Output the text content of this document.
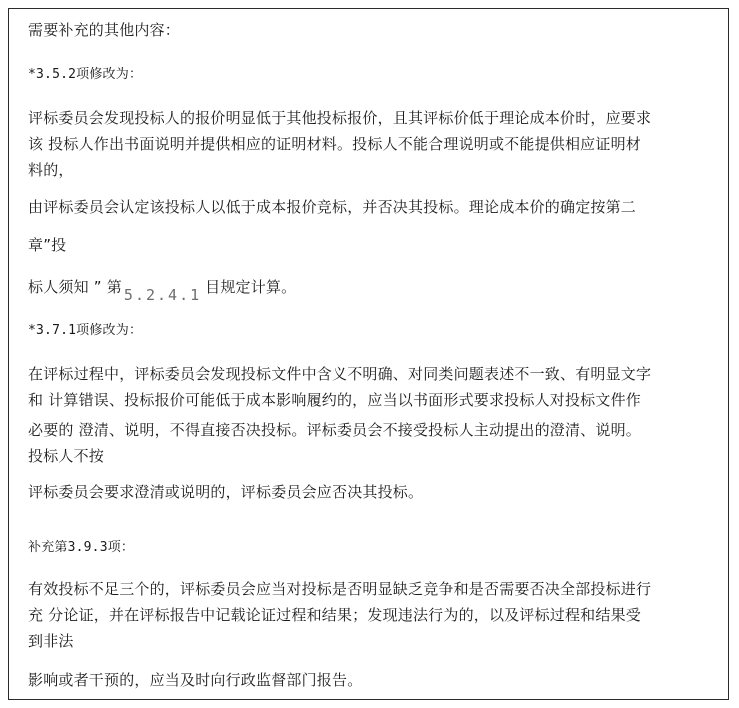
需要补充的其他内容：
*3.5.2项修改为：
评标委员会发现投标人的报价明显低于其他投标报价，且其评标价低于理论成本价时，应要求
该 投标人作出书面说明并提供相应的证明材料。投标人不能合理说明或不能提供相应证明材
料的，
由评标委员会认定该投标人以低于成本报价竞标，并否决其投标。理论成本价的确定按第二
章”投
标人须知 ” 第 5.2.4.1 目规定计算。
*3.7.1项修改为：
在评标过程中，评标委员会发现投标文件中含义不明确、对同类问题表述不一致、有明显文字
和 计算错误、投标报价可能低于成本影响履约的，应当以书面形式要求投标人对投标文件作
必要的 澄清、说明，不得直接否决投标。评标委员会不接受投标人主动提出的澄清、说明。
投标人不按
评标委员会要求澄清或说明的，评标委员会应否决其投标。
补充第3.9.3项：
有效投标不足三个的，评标委员会应当对投标是否明显缺乏竞争和是否需要否决全部投标进行
充 分论证，并在评标报告中记载论证过程和结果；发现违法行为的，以及评标过程和结果受
到非法
影响或者干预的，应当及时向行政监督部门报告。
